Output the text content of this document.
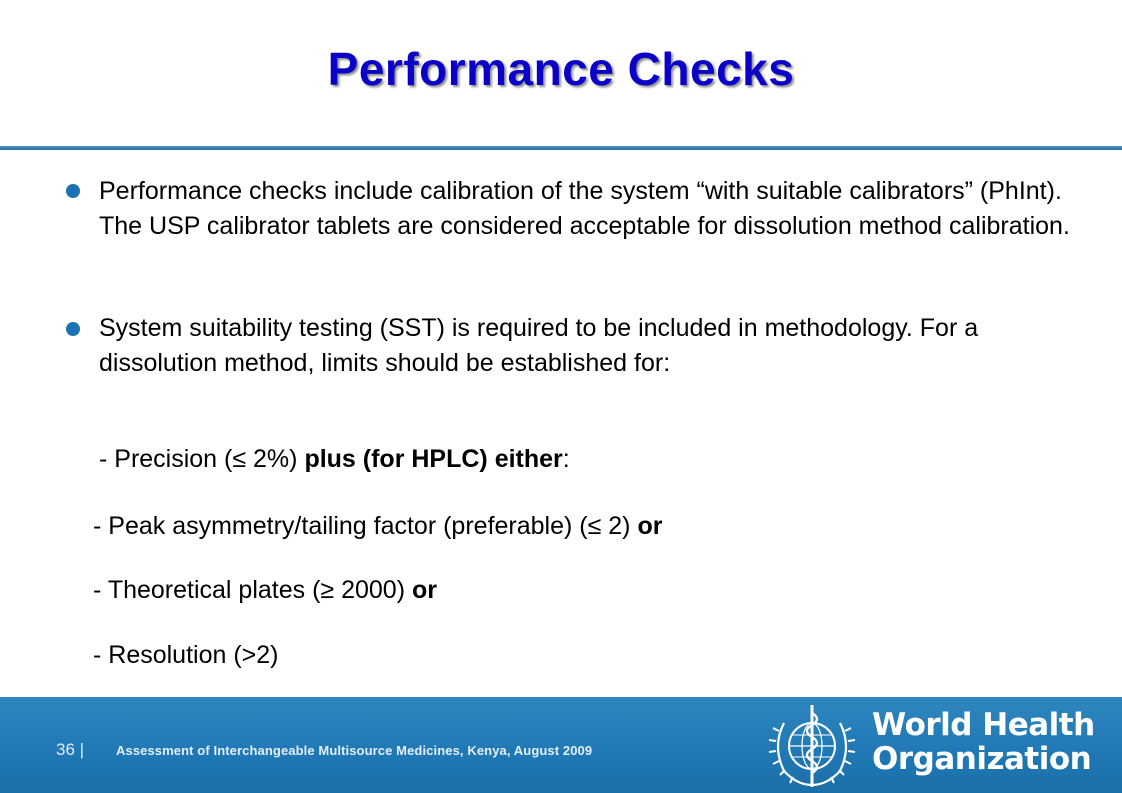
Performance Checks
Performance checks include calibration of the system “with suitable calibrators” (PhInt). The USP calibrator tablets are considered acceptable for dissolution method calibration.
System suitability testing (SST) is required to be included in methodology. For a dissolution method, limits should be established for:
- Precision (≤ 2%) plus (for HPLC) either:
- Peak asymmetry/tailing factor (preferable) (≤ 2) or
- Theoretical plates (≥ 2000) or
- Resolution (>2)
36 | Assessment of Interchangeable Multisource Medicines, Kenya, August 2009
World Health
Organization
